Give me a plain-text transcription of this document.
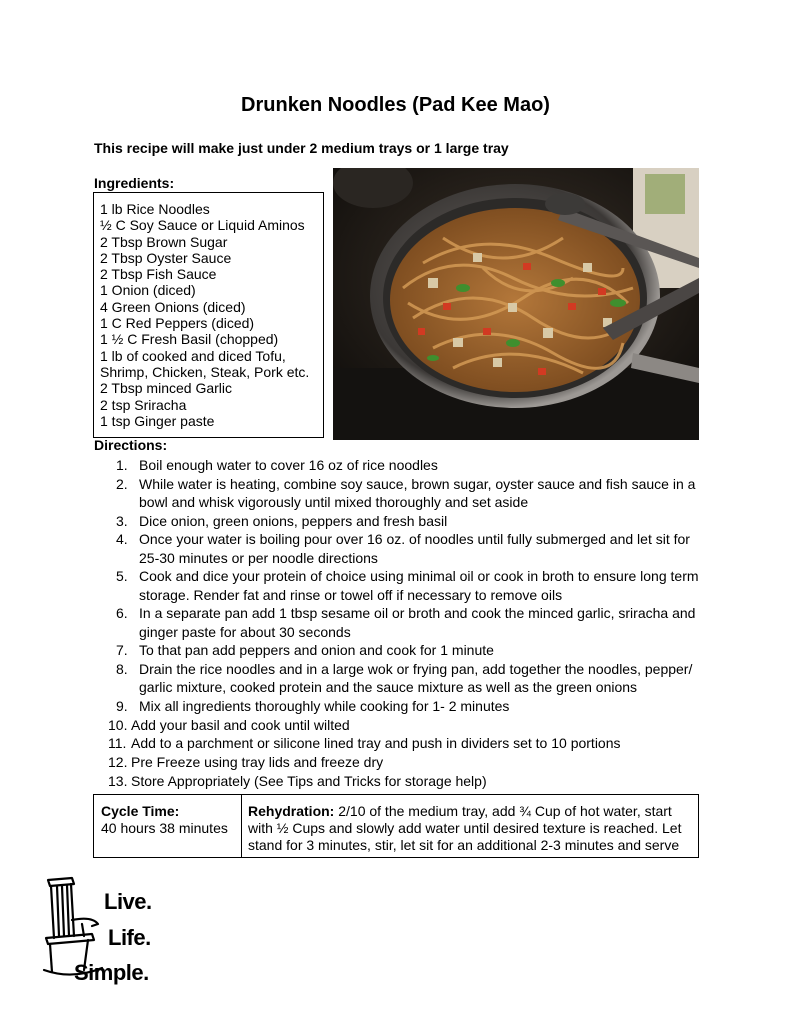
Drunken Noodles (Pad Kee Mao)
This recipe will make just under 2 medium trays or 1 large tray
Ingredients:
1 lb Rice Noodles
½ C Soy Sauce or Liquid Aminos
2 Tbsp Brown Sugar
2 Tbsp Oyster Sauce
2 Tbsp Fish Sauce
1 Onion (diced)
4 Green Onions (diced)
1 C Red Peppers (diced)
1 ½ C Fresh Basil (chopped)
1 lb of cooked and diced Tofu,
Shrimp, Chicken, Steak, Pork etc.
2 Tbsp minced Garlic
2 tsp Sriracha
1 tsp Ginger paste
Directions:
1. Boil enough water to cover 16 oz of rice noodles
2. While water is heating, combine soy sauce, brown sugar, oyster sauce and fish sauce in a bowl and whisk vigorously until mixed thoroughly and set aside
3. Dice onion, green onions, peppers and fresh basil
4. Once your water is boiling pour over 16 oz. of noodles until fully submerged and let sit for 25-30 minutes or per noodle directions
5. Cook and dice your protein of choice using minimal oil or cook in broth to ensure long term storage. Render fat and rinse or towel off if necessary to remove oils
6. In a separate pan add 1 tbsp sesame oil or broth and cook the minced garlic, sriracha and ginger paste for about 30 seconds
7. To that pan add peppers and onion and cook for 1 minute
8. Drain the rice noodles and in a large wok or frying pan, add together the noodles, pepper/ garlic mixture, cooked protein and the sauce mixture as well as the green onions
9. Mix all ingredients thoroughly while cooking for 1- 2 minutes
10. Add your basil and cook until wilted
11. Add to a parchment or silicone lined tray and push in dividers set to 10 portions
12. Pre Freeze using tray lids and freeze dry
13. Store Appropriately (See Tips and Tricks for storage help)
Cycle Time:
40 hours 38 minutes
Rehydration: 2/10 of the medium tray, add ¾ Cup of hot water, start with ½ Cups and slowly add water until desired texture is reached. Let stand for 3 minutes, stir, let sit for an additional 2-3 minutes and serve
Live.
Life.
Simple.
